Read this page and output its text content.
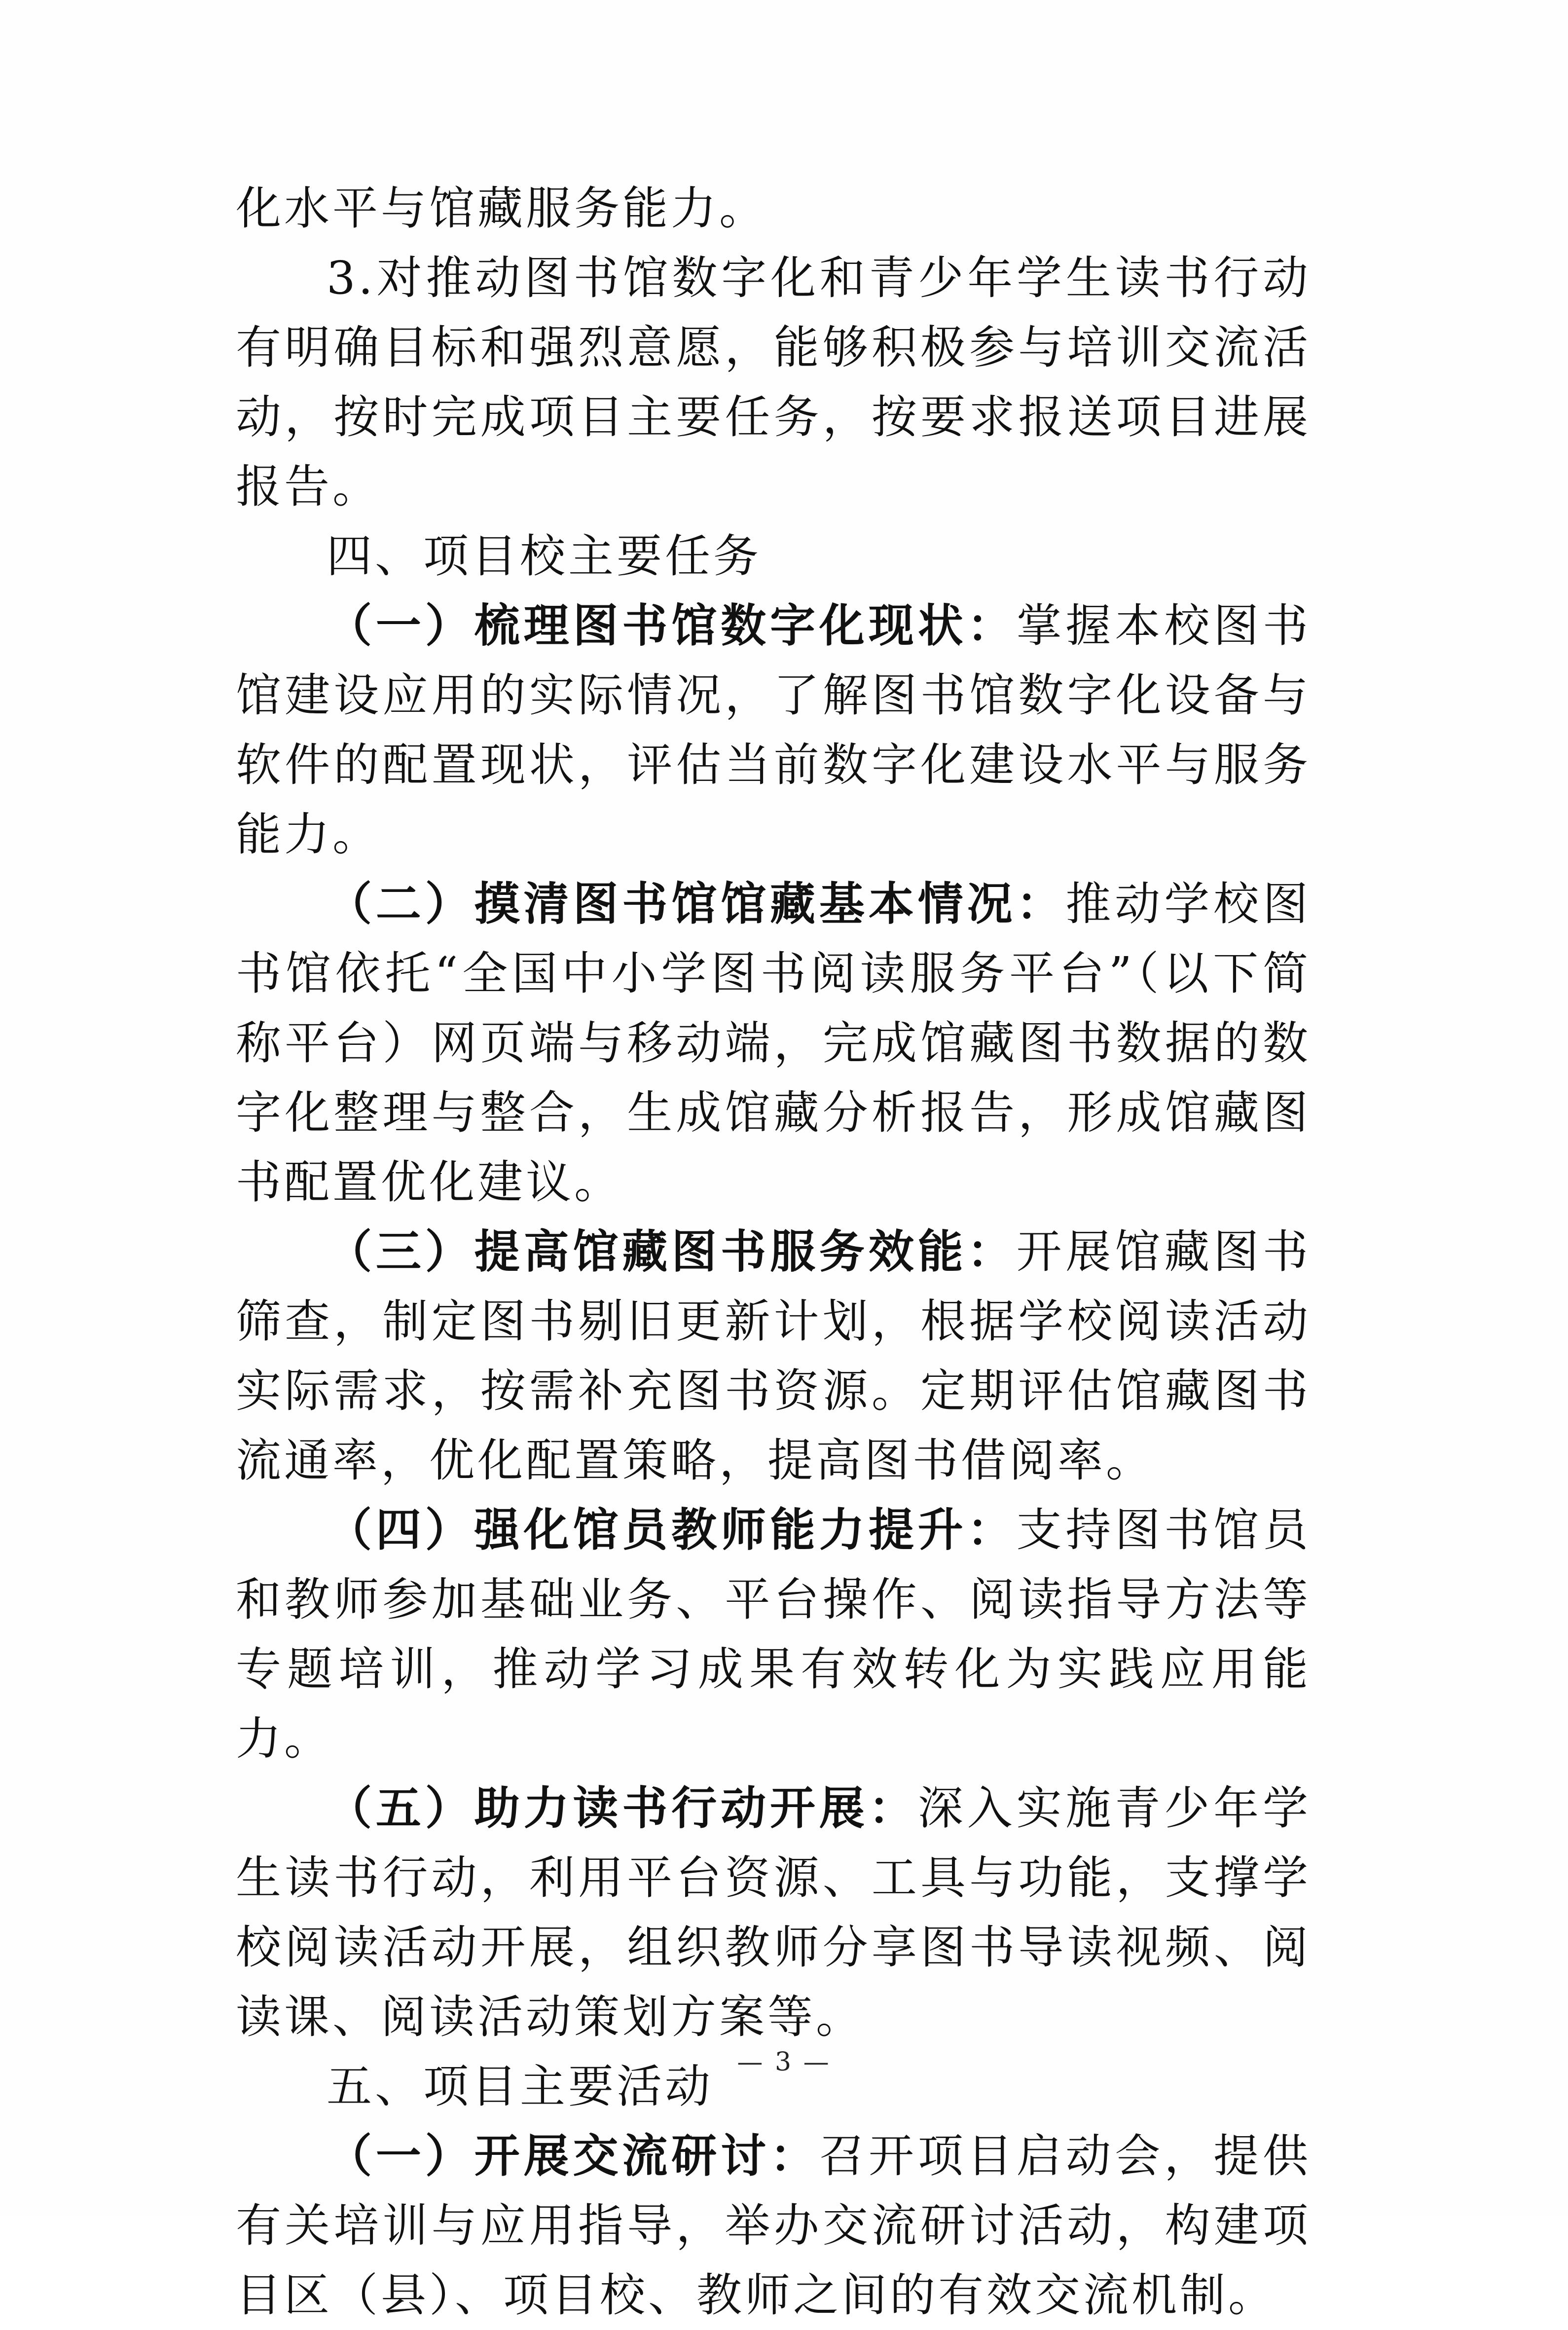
化水平与馆藏服务能力。

3.对推动图书馆数字化和青少年学生读书行动有明确目标和强烈意愿，能够积极参与培训交流活动，按时完成项目主要任务，按要求报送项目进展报告。

四、项目校主要任务

（一）梳理图书馆数字化现状：掌握本校图书馆建设应用的实际情况，了解图书馆数字化设备与软件的配置现状，评估当前数字化建设水平与服务能力。

（二）摸清图书馆馆藏基本情况：推动学校图书馆依托“全国中小学图书阅读服务平台”（以下简称平台）网页端与移动端，完成馆藏图书数据的数字化整理与整合，生成馆藏分析报告，形成馆藏图书配置优化建议。

（三）提高馆藏图书服务效能：开展馆藏图书筛查，制定图书剔旧更新计划，根据学校阅读活动实际需求，按需补充图书资源。定期评估馆藏图书流通率，优化配置策略，提高图书借阅率。

（四）强化馆员教师能力提升：支持图书馆员和教师参加基础业务、平台操作、阅读指导方法等专题培训，推动学习成果有效转化为实践应用能力。

（五）助力读书行动开展：深入实施青少年学生读书行动，利用平台资源、工具与功能，支撑学校阅读活动开展，组织教师分享图书导读视频、阅读课、阅读活动策划方案等。

五、项目主要活动

（一）开展交流研讨：召开项目启动会，提供有关培训与应用指导，举办交流研讨活动，构建项目区（县）、项目校、教师之间的有效交流机制。

— 3 —
